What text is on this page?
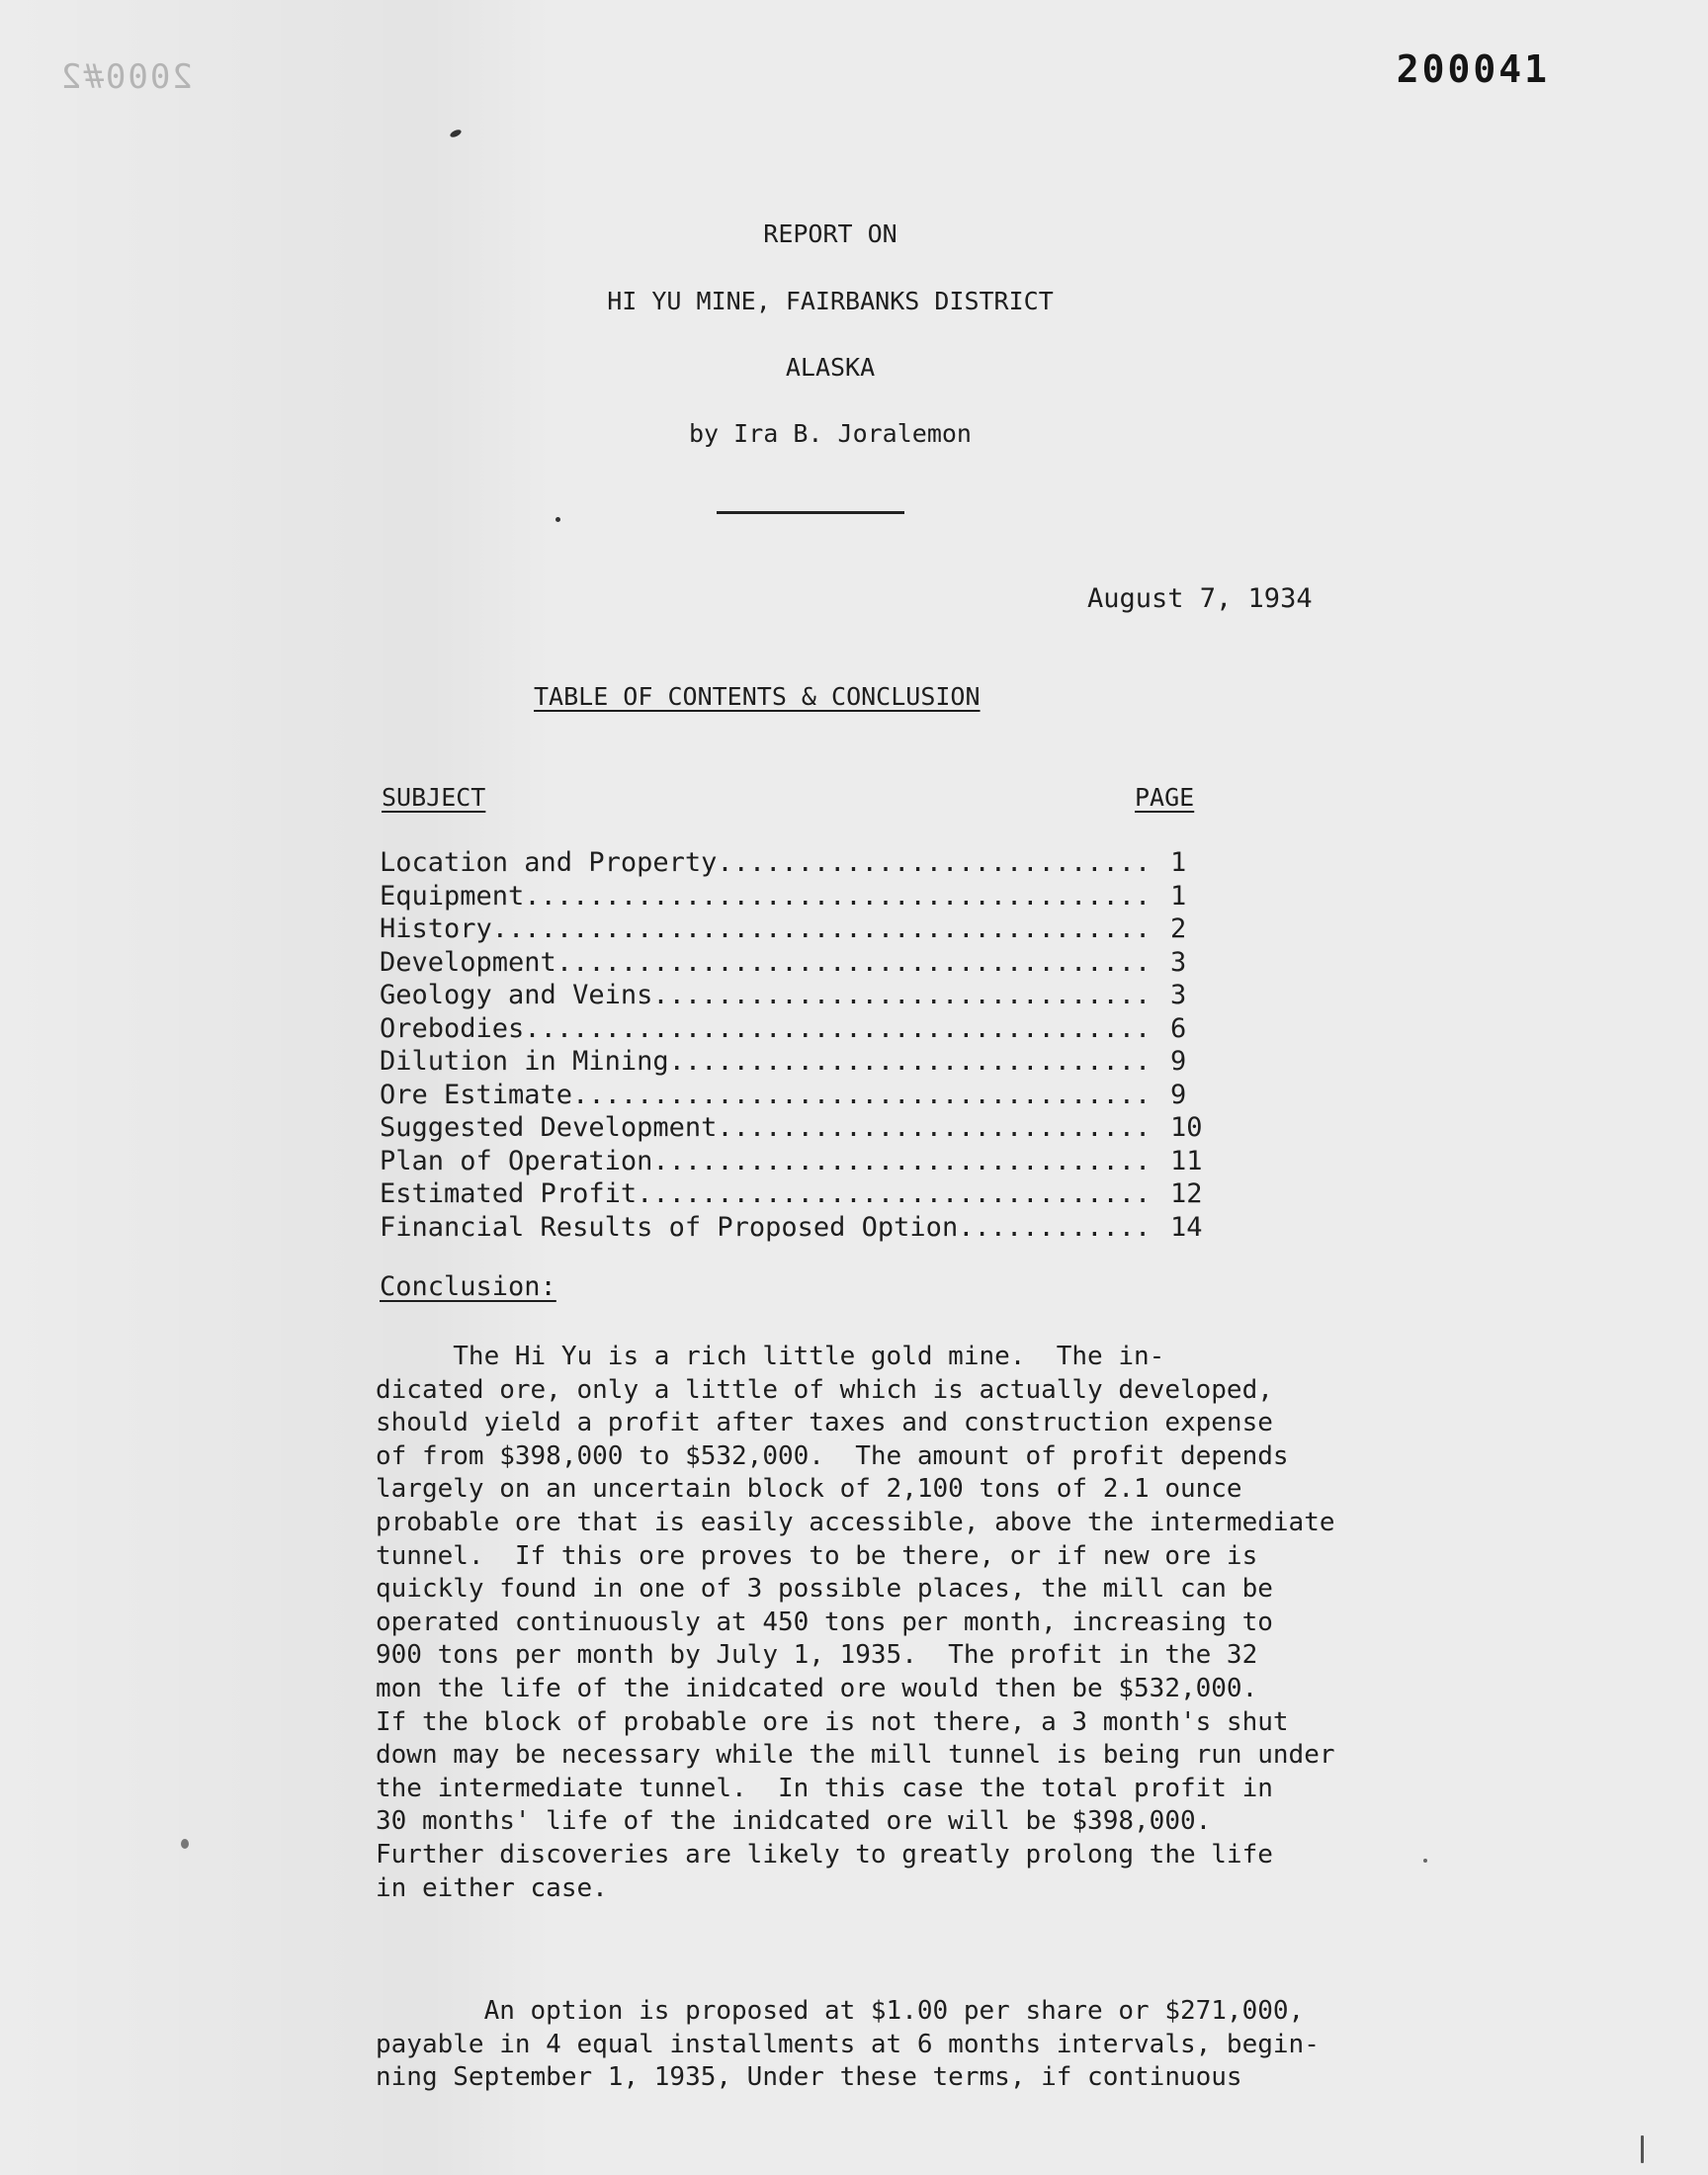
2000#2	200041
REPORT ON
HI YU MINE, FAIRBANKS DISTRICT
ALASKA
by Ira B. Joralemon
August 7, 1934
TABLE OF CONTENTS & CONCLUSION
SUBJECT	PAGE
Location and Property .....	1
Equipment .....	1
History .....	2
Development .....	3
Geology and Veins .....	3
Orebodies .....	6
Dilution in Mining .....	9
Ore Estimate .....	9
Suggested Development .....	10
Plan of Operation .....	11
Estimated Profit .....	12
Financial Results of Proposed Option .....	14
Conclusion:

The Hi Yu is a rich little gold mine.  The in-
dicated ore, only a little of which is actually developed,
should yield a profit after taxes and construction expense
of from $398,000 to $532,000.  The amount of profit depends
largely on an uncertain block of 2,100 tons of 2.1 ounce
probable ore that is easily accessible, above the intermediate
tunnel.  If this ore proves to be there, or if new ore is
quickly found in one of 3 possible places, the mill can be
operated continuously at 450 tons per month, increasing to
900 tons per month by July 1, 1935.  The profit in the 32
mon the life of the inidcated ore would then be $532,000.
If the block of probable ore is not there, a 3 month's shut
down may be necessary while the mill tunnel is being run under
the intermediate tunnel.  In this case the total profit in
30 months' life of the inidcated ore will be $398,000.
Further discoveries are likely to greatly prolong the life
in either case.

An option is proposed at $1.00 per share or $271,000,
payable in 4 equal installments at 6 months intervals, begin-
ning September 1, 1935, Under these terms, if continuous
